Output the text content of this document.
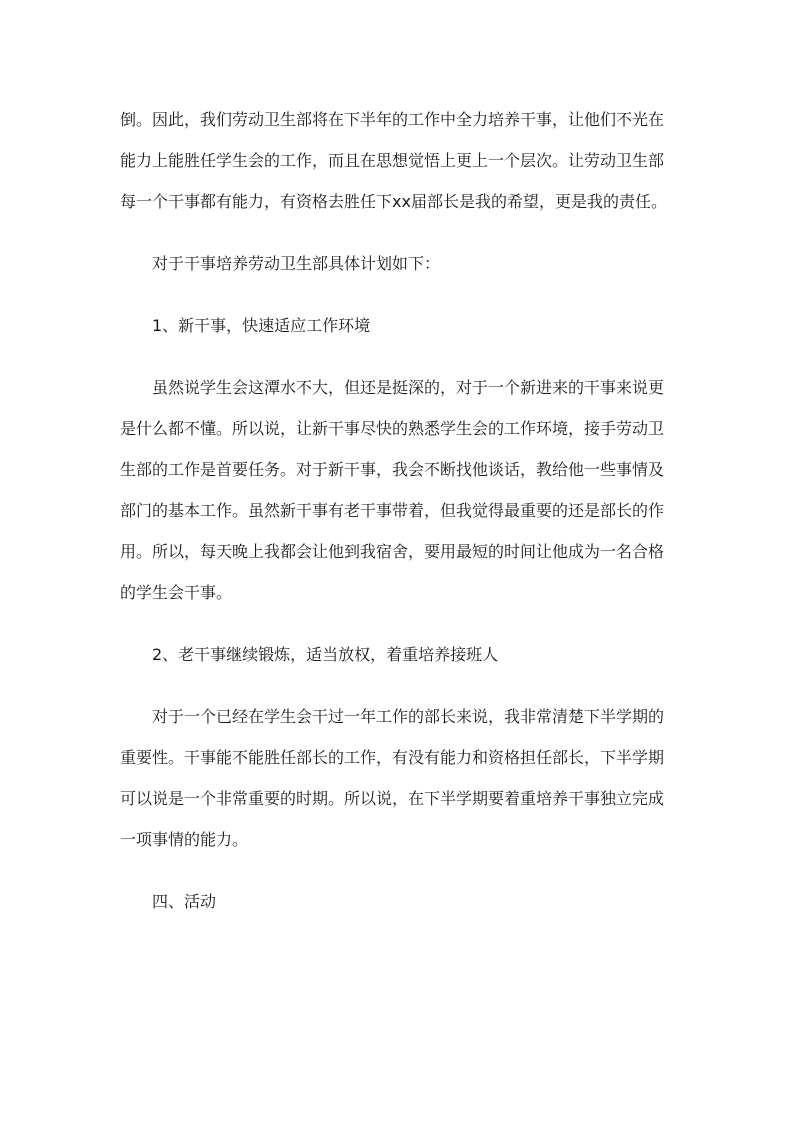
倒。因此，我们劳动卫生部将在下半年的工作中全力培养干事，让他们不光在能力上能胜任学生会的工作，而且在思想觉悟上更上一个层次。让劳动卫生部每一个干事都有能力，有资格去胜任下xx届部长是我的希望，更是我的责任。

对于干事培养劳动卫生部具体计划如下：

1、新干事，快速适应工作环境

虽然说学生会这潭水不大，但还是挺深的，对于一个新进来的干事来说更是什么都不懂。所以说，让新干事尽快的熟悉学生会的工作环境，接手劳动卫生部的工作是首要任务。对于新干事，我会不断找他谈话，教给他一些事情及部门的基本工作。虽然新干事有老干事带着，但我觉得最重要的还是部长的作用。所以，每天晚上我都会让他到我宿舍，要用最短的时间让他成为一名合格的学生会干事。

2、老干事继续锻炼，适当放权，着重培养接班人

对于一个已经在学生会干过一年工作的部长来说，我非常清楚下半学期的重要性。干事能不能胜任部长的工作，有没有能力和资格担任部长，下半学期可以说是一个非常重要的时期。所以说，在下半学期要着重培养干事独立完成一项事情的能力。

四、活动
